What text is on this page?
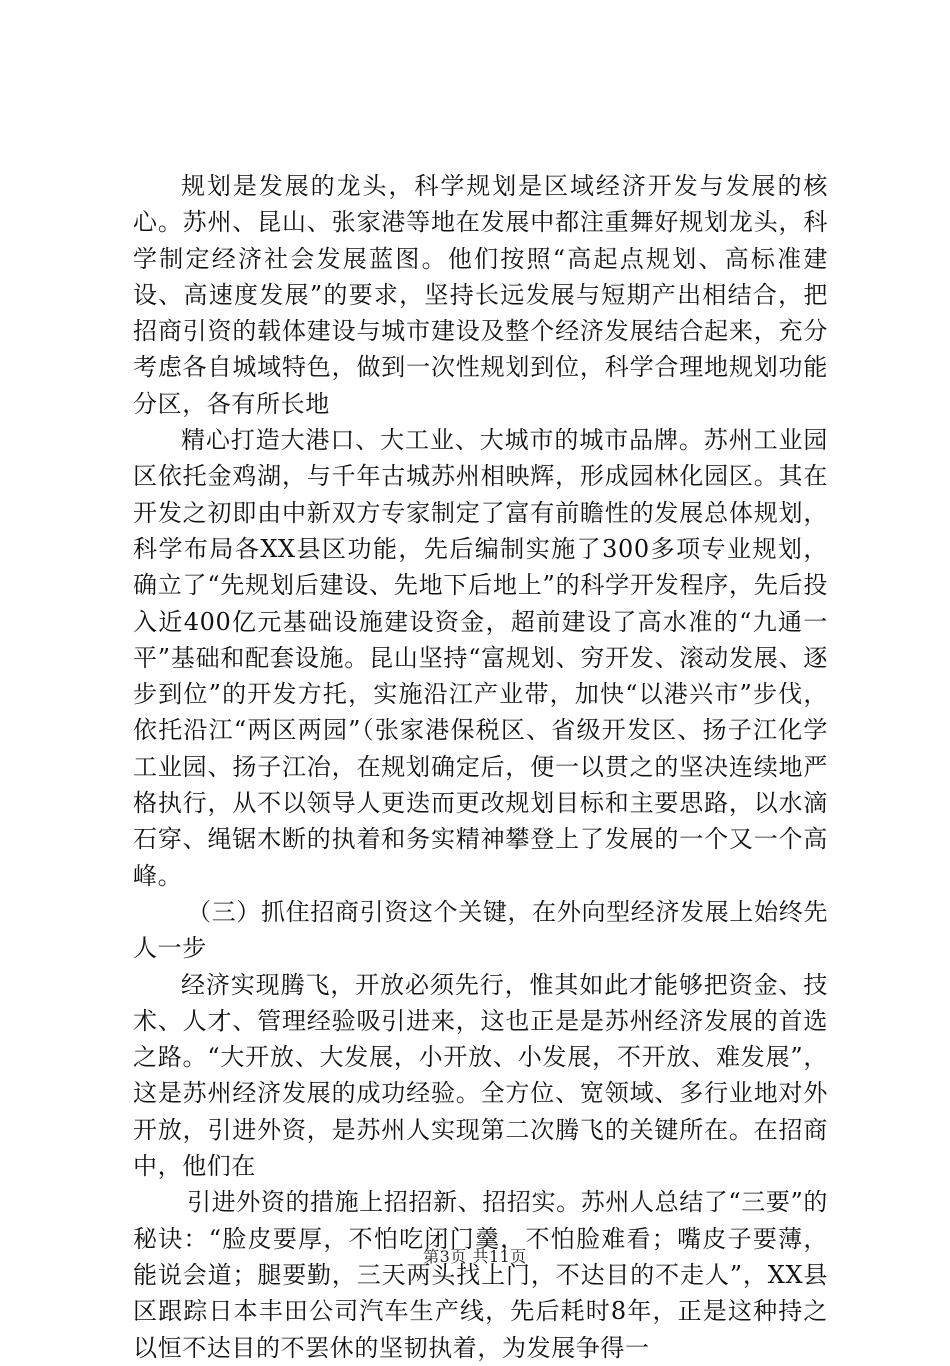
规划是发展的龙头，科学规划是区域经济开发与发展的核心。苏州、昆山、张家港等地在发展中都注重舞好规划龙头，科学制定经济社会发展蓝图。他们按照“高起点规划、高标准建设、高速度发展”的要求，坚持长远发展与短期产出相结合，把招商引资的载体建设与城市建设及整个经济发展结合起来，充分考虑各自城域特色，做到一次性规划到位，科学合理地规划功能分区，各有所长地

精心打造大港口、大工业、大城市的城市品牌。苏州工业园区依托金鸡湖，与千年古城苏州相映辉，形成园林化园区。其在开发之初即由中新双方专家制定了富有前瞻性的发展总体规划，科学布局各XX县区功能，先后编制实施了300多项专业规划，确立了“先规划后建设、先地下后地上”的科学开发程序，先后投入近400亿元基础设施建设资金，超前建设了高水准的“九通一平”基础和配套设施。昆山坚持“富规划、穷开发、滚动发展、逐步到位”的开发方托，实施沿江产业带，加快“以港兴市”步伐，依托沿江“两区两园”（张家港保税区、省级开发区、扬子江化学工业园、扬子江冶，在规划确定后，便一以贯之的坚决连续地严格执行，从不以领导人更迭而更改规划目标和主要思路，以水滴石穿、绳锯木断的执着和务实精神攀登上了发展的一个又一个高峰。

（三）抓住招商引资这个关键，在外向型经济发展上始终先人一步

经济实现腾飞，开放必须先行，惟其如此才能够把资金、技术、人才、管理经验吸引进来，这也正是是苏州经济发展的首选之路。“大开放、大发展，小开放、小发展，不开放、难发展”，这是苏州经济发展的成功经验。全方位、宽领域、多行业地对外开放，引进外资，是苏州人实现第二次腾飞的关键所在。在招商中，他们在

引进外资的措施上招招新、招招实。苏州人总结了“三要”的秘诀：“脸皮要厚，不怕吃闭门羹，不怕脸难看；嘴皮子要薄，能说会道；腿要勤，三天两头找上门，不达目的不走人”，XX县区跟踪日本丰田公司汽车生产线，先后耗时8年，正是这种持之以恒不达目的不罢休的坚韧执着，为发展争得一

第3页 共11页
